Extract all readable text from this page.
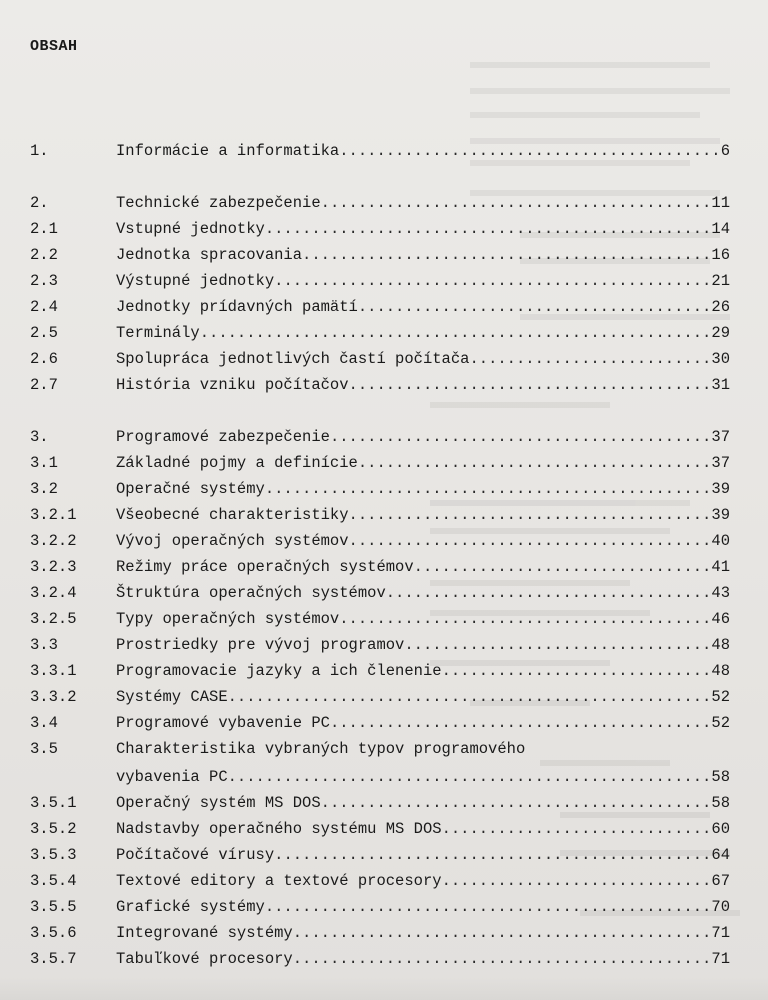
OBSAH
1.	Informácie a informatika .....	6
2.	Technické zabezpečenie .....	11
2.1	Vstupné jednotky .....	14
2.2	Jednotka spracovania .....	16
2.3	Výstupné jednotky .....	21
2.4	Jednotky prídavných pamätí .....	26
2.5	Terminály .....	29
2.6	Spolupráca jednotlivých častí počítača .....	30
2.7	História vzniku počítačov .....	31
3.	Programové zabezpečenie .....	37
3.1	Základné pojmy a definície .....	37
3.2	Operačné systémy .....	39
3.2.1	Všeobecné charakteristiky .....	39
3.2.2	Vývoj operačných systémov .....	40
3.2.3	Režimy práce operačných systémov .....	41
3.2.4	Štruktúra operačných systémov .....	43
3.2.5	Typy operačných systémov .....	46
3.3	Prostriedky pre vývoj programov .....	48
3.3.1	Programovacie jazyky a ich členenie .....	48
3.3.2	Systémy CASE .....	52
3.4	Programové vybavenie PC .....	52
3.5	Charakteristika vybraných typov programového
vybavenia PC .....	58
3.5.1	Operačný systém MS DOS .....	58
3.5.2	Nadstavby operačného systému MS DOS .....	60
3.5.3	Počítačové vírusy .....	64
3.5.4	Textové editory a textové procesory .....	67
3.5.5	Grafické systémy .....	70
3.5.6	Integrované systémy .....	71
3.5.7	Tabuľkové procesory .....	71
